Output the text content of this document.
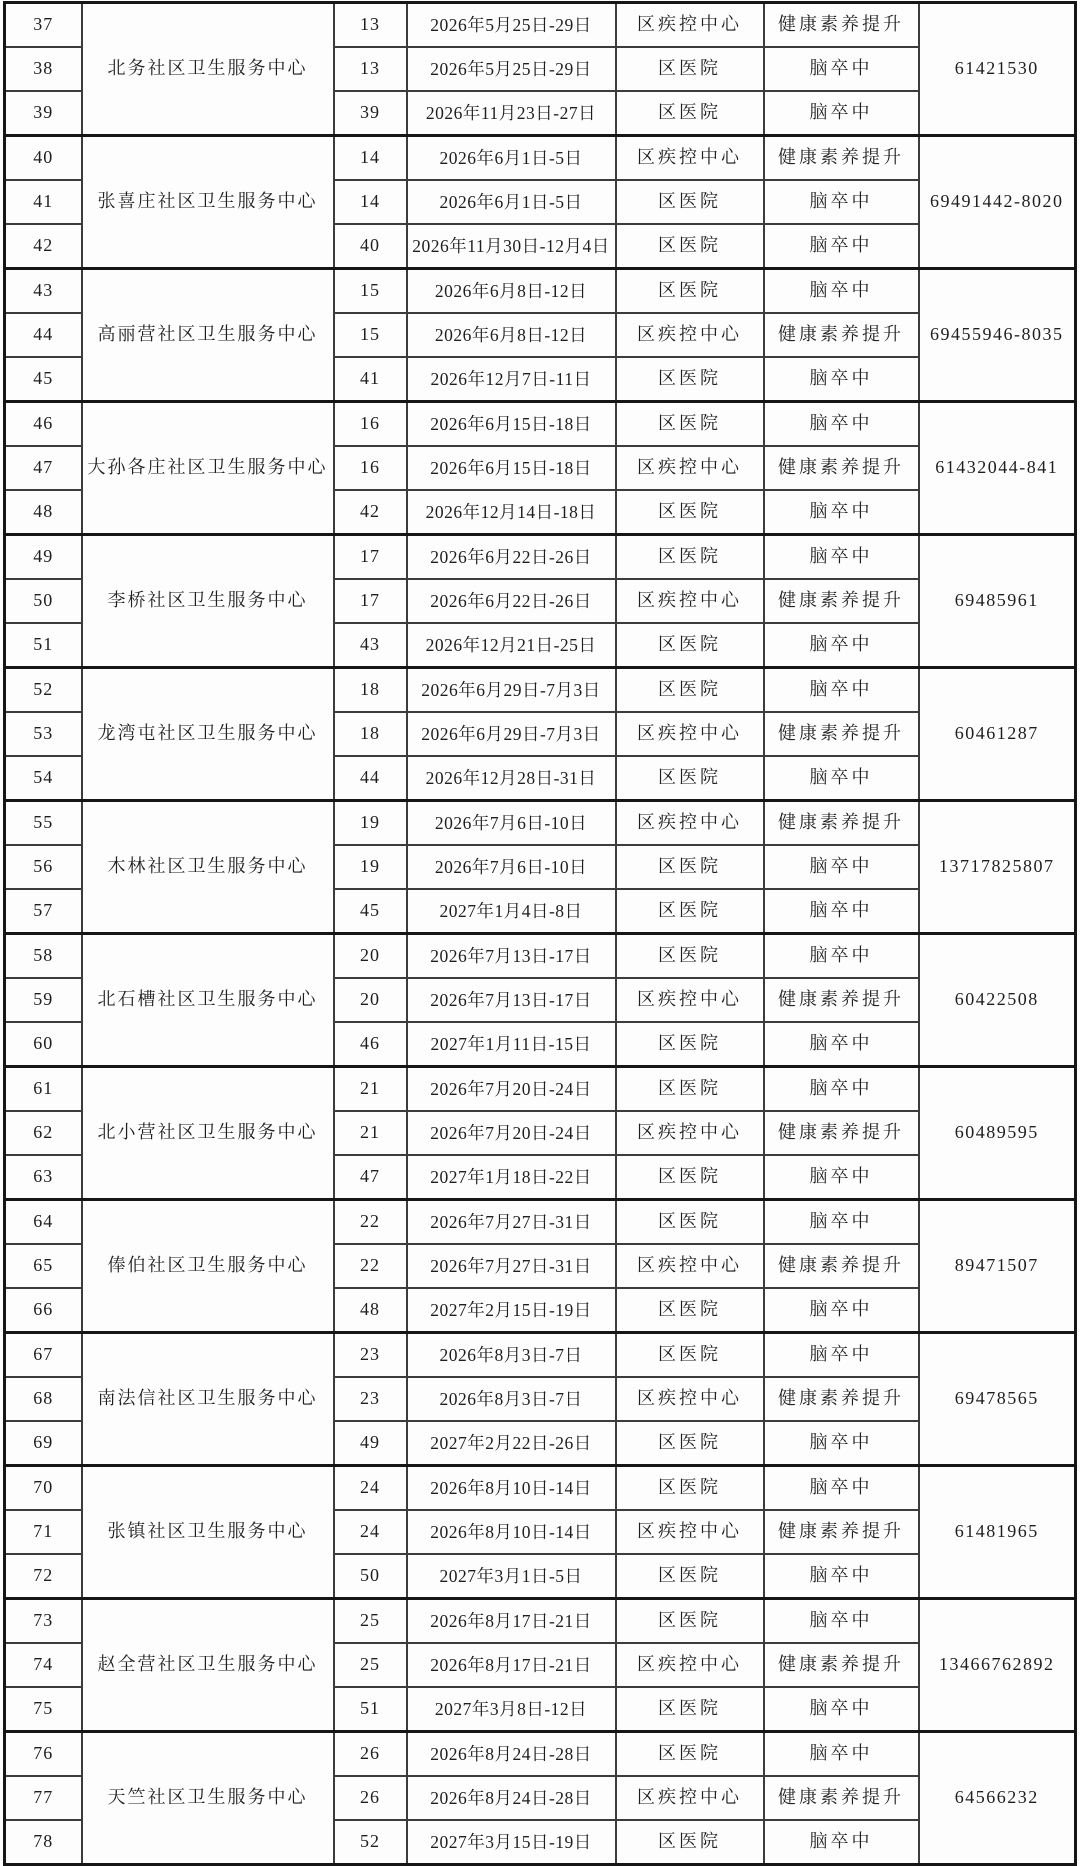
37	北务社区卫生服务中心	13	2026年5月25日-29日	区疾控中心	健康素养提升	61421530
38		13	2026年5月25日-29日	区医院	脑卒中	
39		39	2026年11月23日-27日	区医院	脑卒中	
40	张喜庄社区卫生服务中心	14	2026年6月1日-5日	区疾控中心	健康素养提升	69491442-8020
41		14	2026年6月1日-5日	区医院	脑卒中	
42		40	2026年11月30日-12月4日	区医院	脑卒中	
43	高丽营社区卫生服务中心	15	2026年6月8日-12日	区医院	脑卒中	69455946-8035
44		15	2026年6月8日-12日	区疾控中心	健康素养提升	
45		41	2026年12月7日-11日	区医院	脑卒中	
46	大孙各庄社区卫生服务中心	16	2026年6月15日-18日	区医院	脑卒中	61432044-841
47		16	2026年6月15日-18日	区疾控中心	健康素养提升	
48		42	2026年12月14日-18日	区医院	脑卒中	
49	李桥社区卫生服务中心	17	2026年6月22日-26日	区医院	脑卒中	69485961
50		17	2026年6月22日-26日	区疾控中心	健康素养提升	
51		43	2026年12月21日-25日	区医院	脑卒中	
52	龙湾屯社区卫生服务中心	18	2026年6月29日-7月3日	区医院	脑卒中	60461287
53		18	2026年6月29日-7月3日	区疾控中心	健康素养提升	
54		44	2026年12月28日-31日	区医院	脑卒中	
55	木林社区卫生服务中心	19	2026年7月6日-10日	区疾控中心	健康素养提升	13717825807
56		19	2026年7月6日-10日	区医院	脑卒中	
57		45	2027年1月4日-8日	区医院	脑卒中	
58	北石槽社区卫生服务中心	20	2026年7月13日-17日	区医院	脑卒中	60422508
59		20	2026年7月13日-17日	区疾控中心	健康素养提升	
60		46	2027年1月11日-15日	区医院	脑卒中	
61	北小营社区卫生服务中心	21	2026年7月20日-24日	区医院	脑卒中	60489595
62		21	2026年7月20日-24日	区疾控中心	健康素养提升	
63		47	2027年1月18日-22日	区医院	脑卒中	
64	俸伯社区卫生服务中心	22	2026年7月27日-31日	区医院	脑卒中	89471507
65		22	2026年7月27日-31日	区疾控中心	健康素养提升	
66		48	2027年2月15日-19日	区医院	脑卒中	
67	南法信社区卫生服务中心	23	2026年8月3日-7日	区医院	脑卒中	69478565
68		23	2026年8月3日-7日	区疾控中心	健康素养提升	
69		49	2027年2月22日-26日	区医院	脑卒中	
70	张镇社区卫生服务中心	24	2026年8月10日-14日	区医院	脑卒中	61481965
71		24	2026年8月10日-14日	区疾控中心	健康素养提升	
72		50	2027年3月1日-5日	区医院	脑卒中	
73	赵全营社区卫生服务中心	25	2026年8月17日-21日	区医院	脑卒中	13466762892
74		25	2026年8月17日-21日	区疾控中心	健康素养提升	
75		51	2027年3月8日-12日	区医院	脑卒中	
76	天竺社区卫生服务中心	26	2026年8月24日-28日	区医院	脑卒中	64566232
77		26	2026年8月24日-28日	区疾控中心	健康素养提升	
78		52	2027年3月15日-19日	区医院	脑卒中	
